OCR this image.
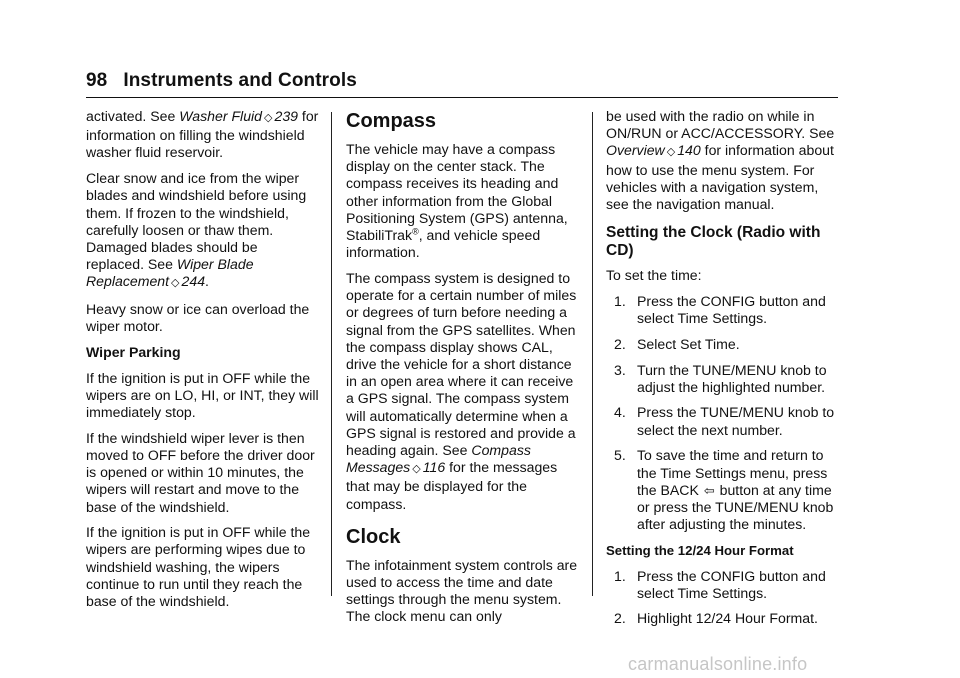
98 Instruments and Controls

activated. See Washer Fluid ◇ 239 for information on filling the windshield washer fluid reservoir.

Clear snow and ice from the wiper blades and windshield before using them. If frozen to the windshield, carefully loosen or thaw them. Damaged blades should be replaced. See Wiper Blade Replacement ◇ 244.

Heavy snow or ice can overload the wiper motor.

Wiper Parking

If the ignition is put in OFF while the wipers are on LO, HI, or INT, they will immediately stop.

If the windshield wiper lever is then moved to OFF before the driver door is opened or within 10 minutes, the wipers will restart and move to the base of the windshield.

If the ignition is put in OFF while the wipers are performing wipes due to windshield washing, the wipers continue to run until they reach the base of the windshield.

Compass

The vehicle may have a compass display on the center stack. The compass receives its heading and other information from the Global Positioning System (GPS) antenna, StabiliTrak®, and vehicle speed information.

The compass system is designed to operate for a certain number of miles or degrees of turn before needing a signal from the GPS satellites. When the compass display shows CAL, drive the vehicle for a short distance in an open area where it can receive a GPS signal. The compass system will automatically determine when a GPS signal is restored and provide a heading again. See Compass Messages ◇ 116 for the messages that may be displayed for the compass.

Clock

The infotainment system controls are used to access the time and date settings through the menu system. The clock menu can only

be used with the radio on while in ON/RUN or ACC/ACCESSORY. See Overview ◇ 140 for information about how to use the menu system. For vehicles with a navigation system, see the navigation manual.

Setting the Clock (Radio with CD)

To set the time:

1. Press the CONFIG button and select Time Settings.
2. Select Set Time.
3. Turn the TUNE/MENU knob to adjust the highlighted number.
4. Press the TUNE/MENU knob to select the next number.
5. To save the time and return to the Time Settings menu, press the BACK ⇦ button at any time or press the TUNE/MENU knob after adjusting the minutes.

Setting the 12/24 Hour Format

1. Press the CONFIG button and select Time Settings.
2. Highlight 12/24 Hour Format.
carmanualsonline.info
